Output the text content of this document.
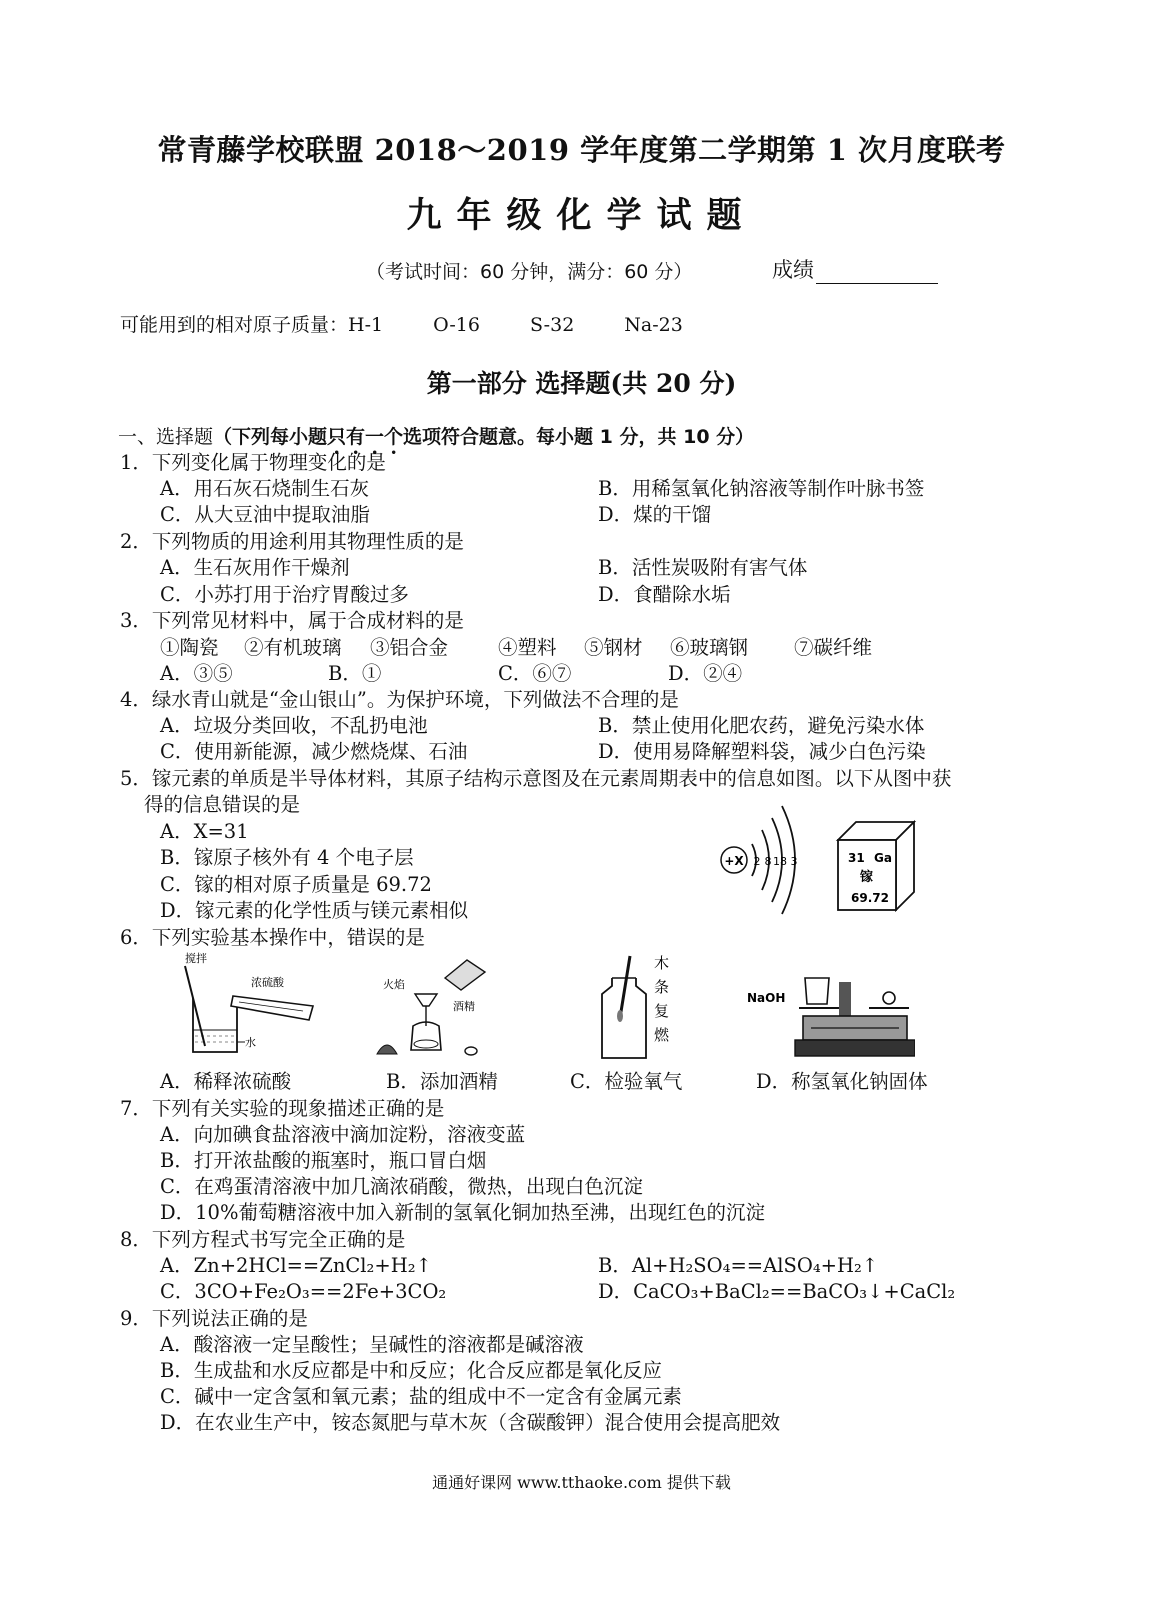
常青藤学校联盟 2018～2019 学年度第二学期第 1 次月度联考
九年级化学试题
（考试时间：60 分钟，满分：60 分）	成绩
可能用到的相对原子质量：H-1	O-16	S-32	Na-23
第一部分 选择题(共 20 分)
一、选择题（下列每小题只有一个选项符合题意。每小题 1 分，共 10 分）
1．下列变化属于物理变化的是
A．用石灰石烧制生石灰	B．用稀氢氧化钠溶液等制作叶脉书签
C．从大豆油中提取油脂	D．煤的干馏
2．下列物质的用途利用其物理性质的是
A．生石灰用作干燥剂	B．活性炭吸附有害气体
C．小苏打用于治疗胃酸过多	D．食醋除水垢
3．下列常见材料中，属于合成材料的是
①陶瓷 ②有机玻璃 ③铝合金	④塑料 ⑤钢材 ⑥玻璃钢 ⑦碳纤维
A．③⑤	B．①	C．⑥⑦	D．②④
4．绿水青山就是“金山银山”。为保护环境，下列做法不合理的是
A．垃圾分类回收，不乱扔电池	B．禁止使用化肥农药，避免污染水体
C．使用新能源，减少燃烧煤、石油	D．使用易降解塑料袋，减少白色污染
5．镓元素的单质是半导体材料，其原子结构示意图及在元素周期表中的信息如图。以下从图中获
得的信息错误的是
A．X=31
B．镓原子核外有 4 个电子层
C．镓的相对原子质量是 69.72
D．镓元素的化学性质与镁元素相似
+X 2 8 18 3	31 Ga
镓
69.72
6．下列实验基本操作中，错误的是
搅拌
浓硫酸
水
火焰
酒精
木
条
复
燃
NaOH
A．稀释浓硫酸	B．添加酒精	C．检验氧气	D．称氢氧化钠固体
7．下列有关实验的现象描述正确的是
A．向加碘食盐溶液中滴加淀粉，溶液变蓝
B．打开浓盐酸的瓶塞时，瓶口冒白烟
C．在鸡蛋清溶液中加几滴浓硝酸，微热，出现白色沉淀
D．10%葡萄糖溶液中加入新制的氢氧化铜加热至沸，出现红色的沉淀
8．下列方程式书写完全正确的是
A．Zn+2HCl==ZnCl₂+H₂↑	B．Al+H₂SO₄==AlSO₄+H₂↑
C．3CO+Fe₂O₃==2Fe+3CO₂	D．CaCO₃+BaCl₂==BaCO₃↓+CaCl₂
9．下列说法正确的是
A．酸溶液一定呈酸性；呈碱性的溶液都是碱溶液
B．生成盐和水反应都是中和反应；化合反应都是氧化反应
C．碱中一定含氢和氧元素；盐的组成中不一定含有金属元素
D．在农业生产中，铵态氮肥与草木灰（含碳酸钾）混合使用会提高肥效
通通好课网 www.tthaoke.com 提供下载
